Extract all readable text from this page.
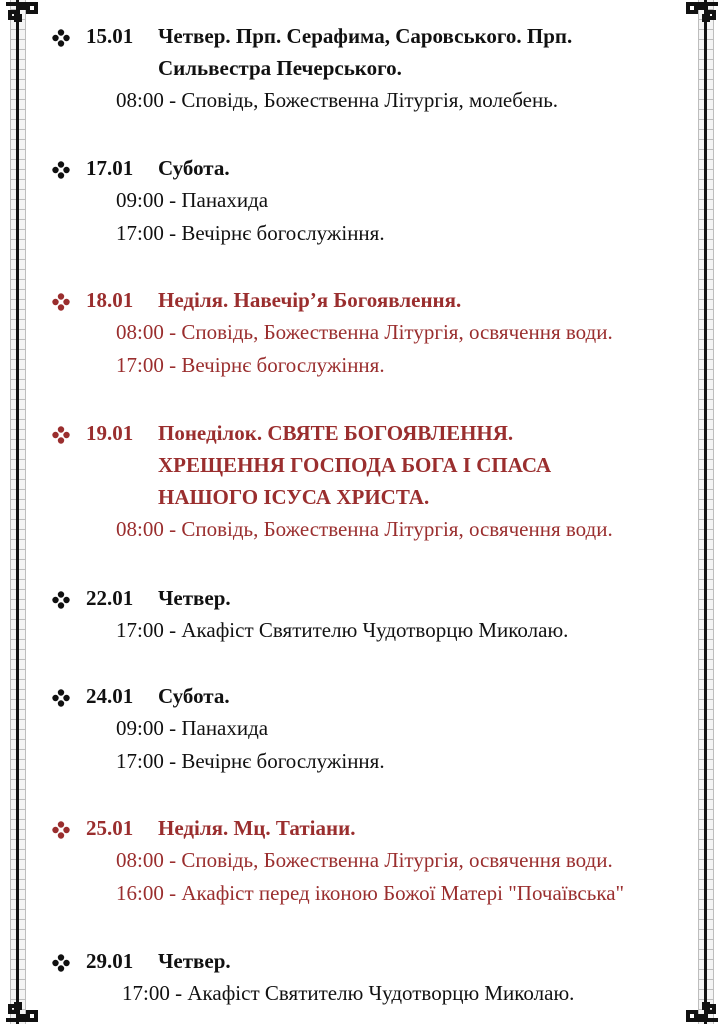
15.01 Четвер. Прп. Серафима, Саровського. Прп.
Сильвестра Печерського.
08:00 - Сповідь, Божественна Літургія, молебень.
17.01 Субота.
09:00 - Панахида
17:00 - Вечірнє богослужіння.
18.01 Неділя. Навечір’я Богоявлення.
08:00 - Сповідь, Божественна Літургія, освячення води.
17:00 - Вечірнє богослужіння.
19.01 Понеділок. СВЯТЕ БОГОЯВЛЕННЯ.
ХРЕЩЕННЯ ГОСПОДА БОГА І СПАСА
НАШОГО ІСУСА ХРИСТА.
08:00 - Сповідь, Божественна Літургія, освячення води.
22.01 Четвер.
17:00 - Акафіст Святителю Чудотворцю Миколаю.
24.01 Субота.
09:00 - Панахида
17:00 - Вечірнє богослужіння.
25.01 Неділя. Мц. Татіани.
08:00 - Сповідь, Божественна Літургія, освячення води.
16:00 - Акафіст перед іконою Божої Матері "Почаївська"
29.01 Четвер.
17:00 - Акафіст Святителю Чудотворцю Миколаю.
